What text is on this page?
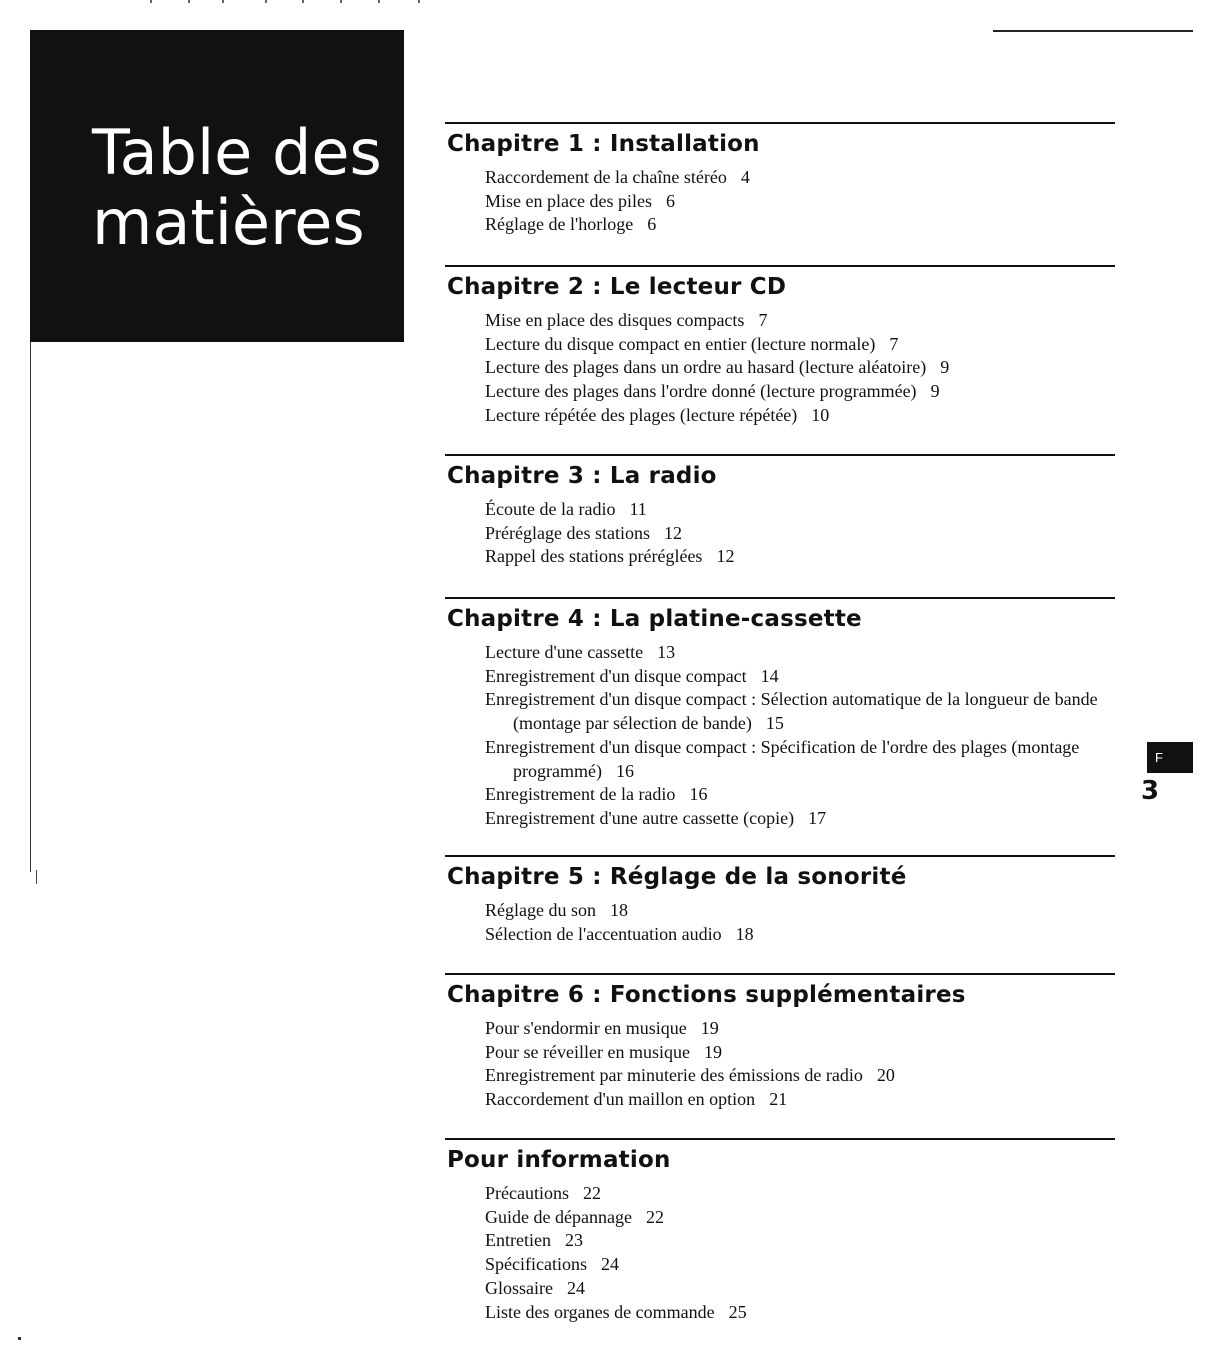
Table des
matières
Chapitre 1 : Installation
Raccordement de la chaîne stéréo 4
Mise en place des piles 6
Réglage de l'horloge 6
Chapitre 2 : Le lecteur CD
Mise en place des disques compacts 7
Lecture du disque compact en entier (lecture normale) 7
Lecture des plages dans un ordre au hasard (lecture aléatoire) 9
Lecture des plages dans l'ordre donné (lecture programmée) 9
Lecture répétée des plages (lecture répétée) 10
Chapitre 3 : La radio
Écoute de la radio 11
Préréglage des stations 12
Rappel des stations préréglées 12
Chapitre 4 : La platine-cassette
Lecture d'une cassette 13
Enregistrement d'un disque compact 14
Enregistrement d'un disque compact : Sélection automatique de la longueur de bande (montage par sélection de bande) 15
Enregistrement d'un disque compact : Spécification de l'ordre des plages (montage programmé) 16
Enregistrement de la radio 16
Enregistrement d'une autre cassette (copie) 17
Chapitre 5 : Réglage de la sonorité
Réglage du son 18
Sélection de l'accentuation audio 18
Chapitre 6 : Fonctions supplémentaires
Pour s'endormir en musique 19
Pour se réveiller en musique 19
Enregistrement par minuterie des émissions de radio 20
Raccordement d'un maillon en option 21
Pour information
Précautions 22
Guide de dépannage 22
Entretien 23
Spécifications 24
Glossaire 24
Liste des organes de commande 25
F
3
